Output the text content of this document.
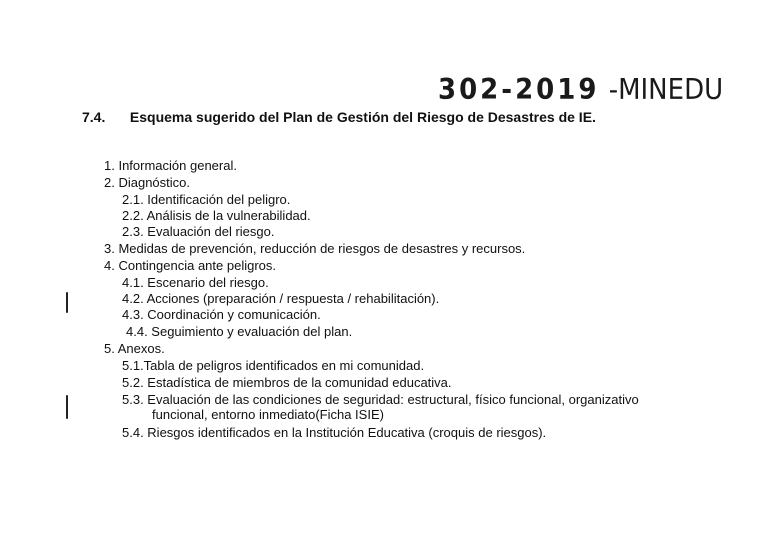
302-2019 -MINEDU
7.4. Esquema sugerido del Plan de Gestión del Riesgo de Desastres de IE.
1. Información general.
2. Diagnóstico.
2.1. Identificación del peligro.
2.2. Análisis de la vulnerabilidad.
2.3. Evaluación del riesgo.
3. Medidas de prevención, reducción de riesgos de desastres y recursos.
4. Contingencia ante peligros.
4.1. Escenario del riesgo.
4.2. Acciones (preparación / respuesta / rehabilitación).
4.3. Coordinación y comunicación.
4.4. Seguimiento y evaluación del plan.
5. Anexos.
5.1.Tabla de peligros identificados en mi comunidad.
5.2. Estadística de miembros de la comunidad educativa.
5.3. Evaluación de las condiciones de seguridad: estructural, físico funcional, organizativo
funcional, entorno inmediato(Ficha ISIE)
5.4. Riesgos identificados en la Institución Educativa (croquis de riesgos).
